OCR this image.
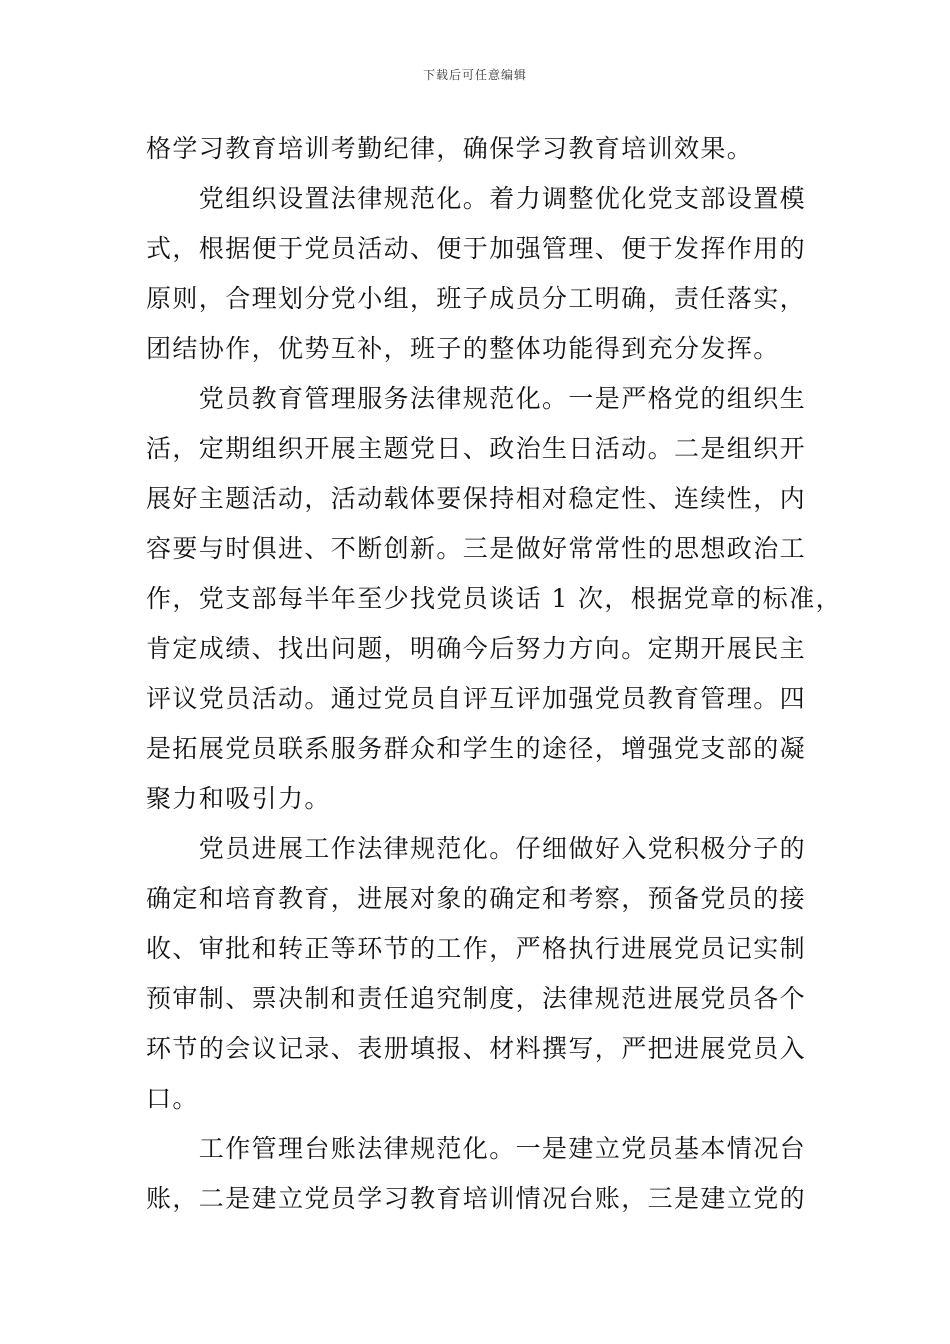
下载后可任意编辑
格学习教育培训考勤纪律，确保学习教育培训效果。
　　党组织设置法律规范化。着力调整优化党支部设置模
式，根据便于党员活动、便于加强管理、便于发挥作用的
原则，合理划分党小组，班子成员分工明确，责任落实，
团结协作，优势互补，班子的整体功能得到充分发挥。
　　党员教育管理服务法律规范化。一是严格党的组织生
活，定期组织开展主题党日、政治生日活动。二是组织开
展好主题活动，活动载体要保持相对稳定性、连续性，内
容要与时俱进、不断创新。三是做好常常性的思想政治工
作，党支部每半年至少找党员谈话 1 次，根据党章的标准，
肯定成绩、找出问题，明确今后努力方向。定期开展民主
评议党员活动。通过党员自评互评加强党员教育管理。四
是拓展党员联系服务群众和学生的途径，增强党支部的凝
聚力和吸引力。
　　党员进展工作法律规范化。仔细做好入党积极分子的
确定和培育教育，进展对象的确定和考察，预备党员的接
收、审批和转正等环节的工作，严格执行进展党员记实制
预审制、票决制和责任追究制度，法律规范进展党员各个
环节的会议记录、表册填报、材料撰写，严把进展党员入
口。
　　工作管理台账法律规范化。一是建立党员基本情况台
账，二是建立党员学习教育培训情况台账，三是建立党的
